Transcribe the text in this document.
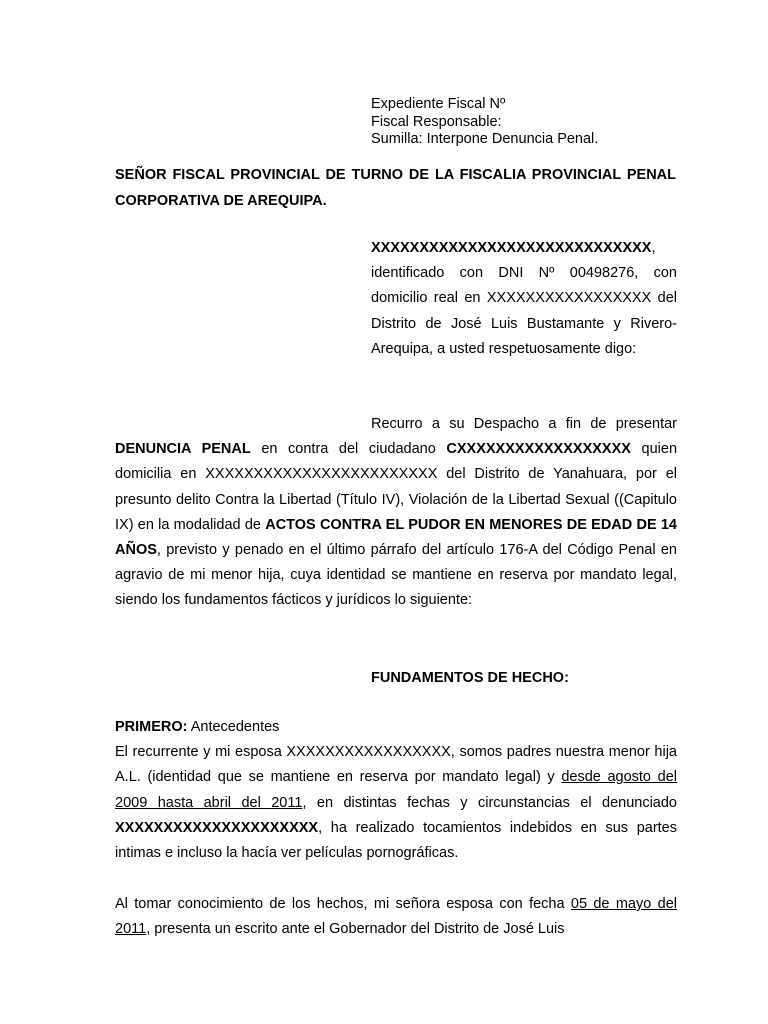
Expediente Fiscal Nº
Fiscal Responsable:
Sumilla: Interpone Denuncia Penal.
SEÑOR FISCAL PROVINCIAL DE TURNO DE LA FISCALIA PROVINCIAL PENAL CORPORATIVA DE AREQUIPA.
XXXXXXXXXXXXXXXXXXXXXXXXXXXXX, identificado con DNI Nº 00498276, con domicilio real en XXXXXXXXXXXXXXXXX del Distrito de José Luis Bustamante y Rivero-Arequipa, a usted respetuosamente digo:
Recurro a su Despacho a fin de presentar DENUNCIA PENAL en contra del ciudadano CXXXXXXXXXXXXXXXXXX quien domicilia en XXXXXXXXXXXXXXXXXXXXXXXX del Distrito de Yanahuara, por el presunto delito Contra la Libertad (Título IV), Violación de la Libertad Sexual ((Capitulo IX) en la modalidad de ACTOS CONTRA EL PUDOR EN MENORES DE EDAD DE 14 AÑOS, previsto y penado en el último párrafo del artículo 176-A del Código Penal en agravio de mi menor hija, cuya identidad se mantiene en reserva por mandato legal, siendo los fundamentos fácticos y jurídicos lo siguiente:
FUNDAMENTOS DE HECHO:
PRIMERO: Antecedentes
El recurrente y mi esposa XXXXXXXXXXXXXXXXX, somos padres nuestra menor hija A.L. (identidad que se mantiene en reserva por mandato legal) y desde agosto del 2009 hasta abril del 2011, en distintas fechas y circunstancias el denunciado XXXXXXXXXXXXXXXXXXXXX, ha realizado tocamientos indebidos en sus partes intimas e incluso la hacía ver películas pornográficas.
Al tomar conocimiento de los hechos, mi señora esposa con fecha 05 de mayo del 2011, presenta un escrito ante el Gobernador del Distrito de José Luis
